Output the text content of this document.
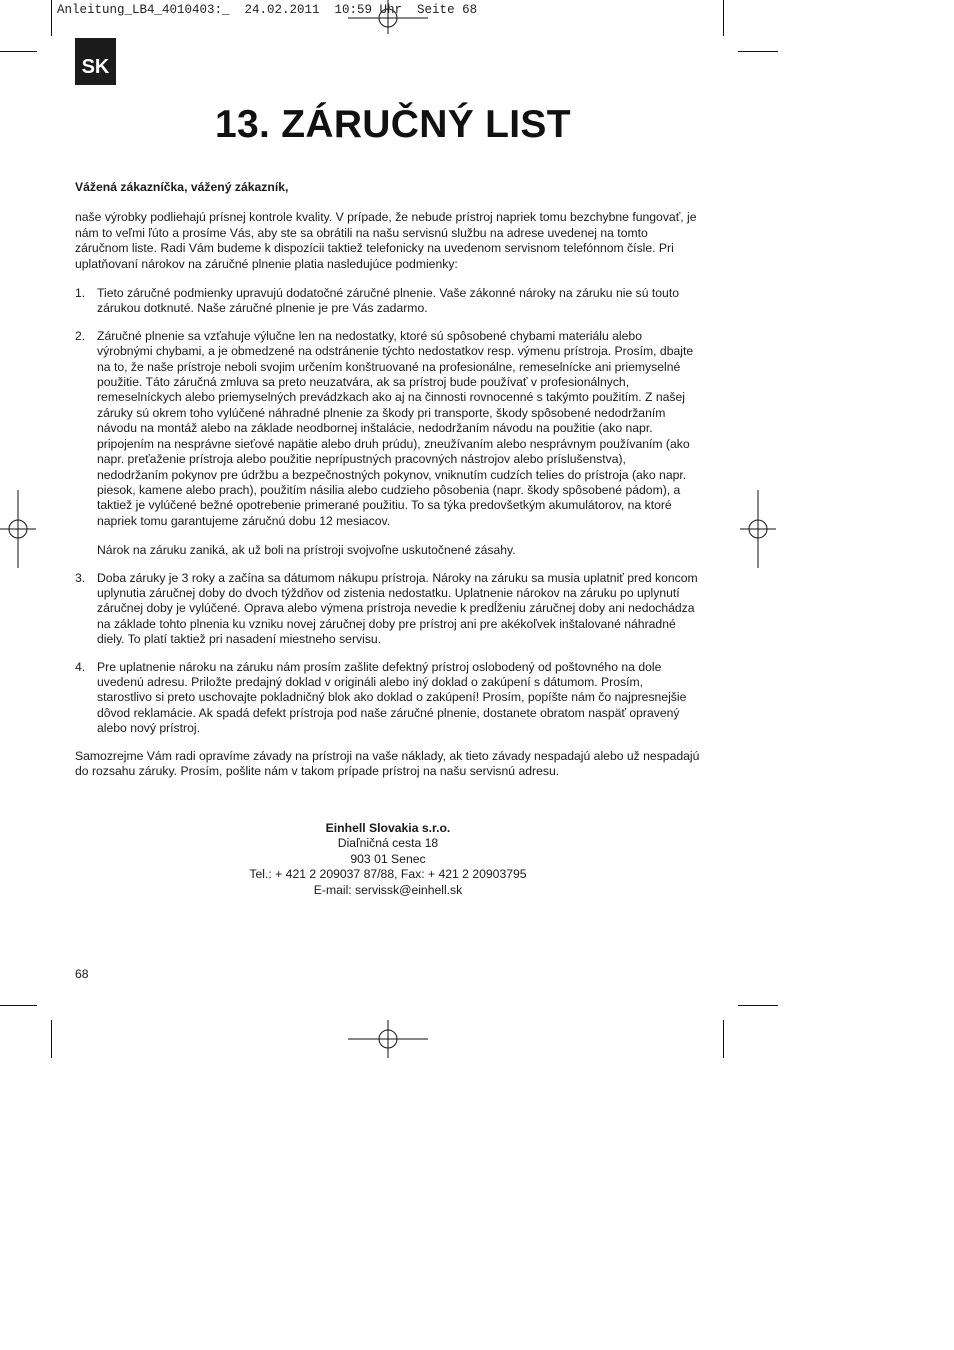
Anleitung_LB4_4010403:_  24.02.2011  10:59 Uhr  Seite 68
SK
13. ZÁRUČNÝ LIST

Vážená zákazníčka, vážený zákazník,

naše výrobky podliehajú prísnej kontrole kvality. V prípade, že nebude prístroj napriek tomu bezchybne fungovať, je nám to veľmi ľúto a prosíme Vás, aby ste sa obrátili na našu servisnú službu na adrese uvedenej na tomto záručnom liste. Radi Vám budeme k dispozícii taktiež telefonicky na uvedenom servisnom telefónnom čísle. Pri uplatňovaní nárokov na záručné plnenie platia nasledujúce podmienky:

1. Tieto záručné podmienky upravujú dodatočné záručné plnenie. Vaše zákonné nároky na záruku nie sú touto zárukou dotknuté. Naše záručné plnenie je pre Vás zadarmo.

2. Záručné plnenie sa vzťahuje výlučne len na nedostatky, ktoré sú spôsobené chybami materiálu alebo výrobnými chybami, a je obmedzené na odstránenie týchto nedostatkov resp. výmenu prístroja. Prosím, dbajte na to, že naše prístroje neboli svojim určením konštruované na profesionálne, remeselnícke ani priemyselné použitie. Táto záručná zmluva sa preto neuzatvára, ak sa prístroj bude používať v profesionálnych, remeselníckych alebo priemyselných prevádzkach ako aj na činnosti rovnocenné s takýmto použitím. Z našej záruky sú okrem toho vylúčené náhradné plnenie za škody pri transporte, škody spôsobené nedodržaním návodu na montáž alebo na základe neodbornej inštalácie, nedodržaním návodu na použitie (ako napr. pripojením na nesprávne sieťové napätie alebo druh prúdu), zneužívaním alebo nesprávnym používaním (ako napr. preťaženie prístroja alebo použitie neprípustných pracovných nástrojov alebo príslušenstva), nedodržaním pokynov pre údržbu a bezpečnostných pokynov, vniknutím cudzích telies do prístroja (ako napr. piesok, kamene alebo prach), použitím násilia alebo cudzieho pôsobenia (napr. škody spôsobené pádom), a taktiež je vylúčené bežné opotrebenie primerané použitiu. To sa týka predovšetkým akumulátorov, na ktoré napriek tomu garantujeme záručnú dobu 12 mesiacov.

Nárok na záruku zaniká, ak už boli na prístroji svojvoľne uskutočnené zásahy.

3. Doba záruky je 3 roky a začína sa dátumom nákupu prístroja. Nároky na záruku sa musia uplatniť pred koncom uplynutia záručnej doby do dvoch týždňov od zistenia nedostatku. Uplatnenie nárokov na záruku po uplynutí záručnej doby je vylúčené. Oprava alebo výmena prístroja nevedie k predĺženiu záručnej doby ani nedochádza na základe tohto plnenia ku vzniku novej záručnej doby pre prístroj ani pre akékoľvek inštalované náhradné diely. To platí taktiež pri nasadení miestneho servisu.

4. Pre uplatnenie nároku na záruku nám prosím zašlite defektný prístroj oslobodený od poštovného na dole uvedenú adresu. Priložte predajný doklad v origináli alebo iný doklad o zakúpení s dátumom. Prosím, starostlivo si preto uschovajte pokladničný blok ako doklad o zakúpení! Prosím, popíšte nám čo najpresnejšie dôvod reklamácie. Ak spadá defekt prístroja pod naše záručné plnenie, dostanete obratom naspäť opravený alebo nový prístroj.

Samozrejme Vám radi opravíme závady na prístroji na vaše náklady, ak tieto závady nespadajú alebo už nespadajú do rozsahu záruky. Prosím, pošlite nám v takom prípade prístroj na našu servisnú adresu.

Einhell Slovakia s.r.o.
Diaľničná cesta 18
903 01 Senec
Tel.: + 421 2 209037 87/88, Fax: + 421 2 20903795
E-mail: servissk@einhell.sk
68
